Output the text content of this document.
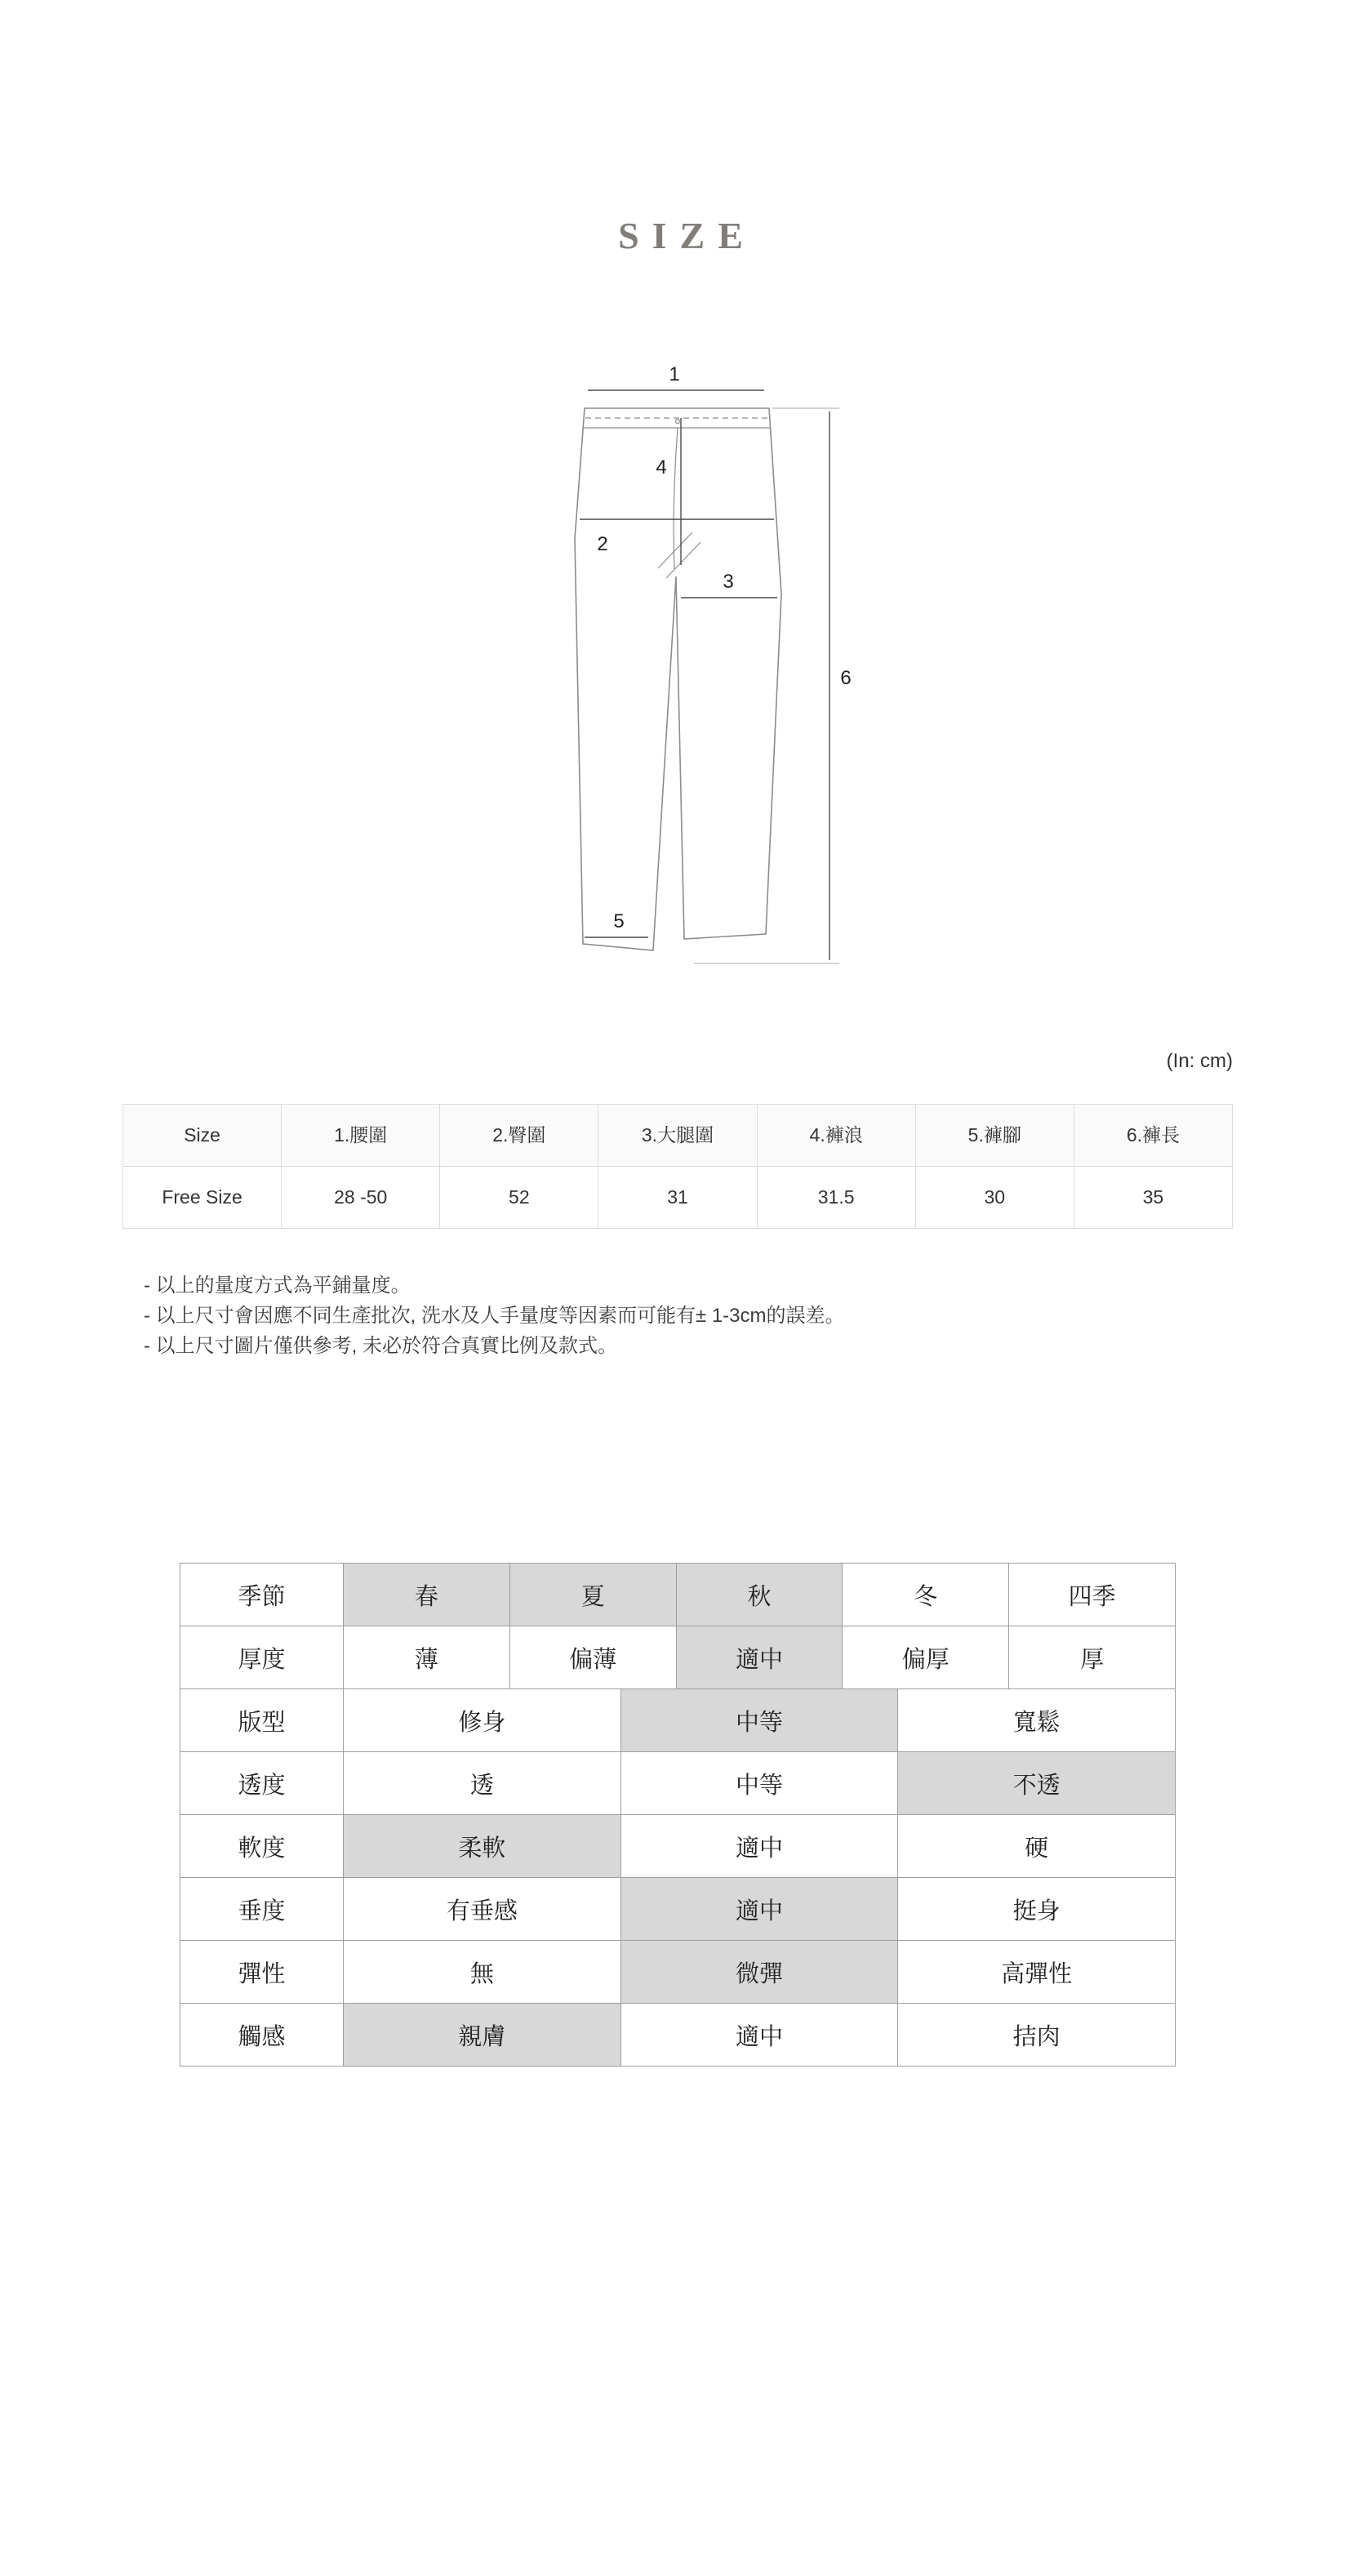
SIZE
1
2
3
4
5
6
(In: cm)
Size	1.腰圍	2.臀圍	3.大腿圍	4.褲浪	5.褲腳	6.褲長
Free Size	28 -50	52	31	31.5	30	35
- 以上的量度方式為平鋪量度。
- 以上尺寸會因應不同生產批次, 洗水及人手量度等因素而可能有± 1-3cm的誤差。
- 以上尺寸圖片僅供參考, 未必於符合真實比例及款式。
季節	春	夏	秋	冬	四季
厚度	薄	偏薄	適中	偏厚	厚
版型	修身	中等	寬鬆
透度	透	中等	不透
軟度	柔軟	適中	硬
垂度	有垂感	適中	挺身
彈性	無	微彈	高彈性
觸感	親膚	適中	拮肉
